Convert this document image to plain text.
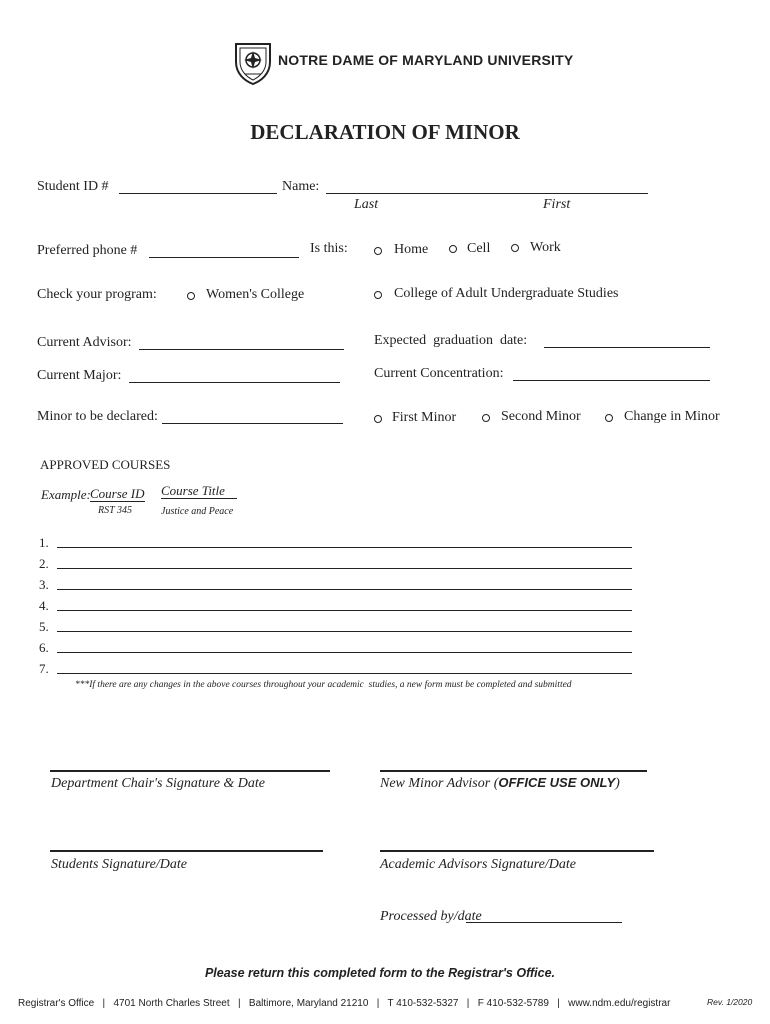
NOTRE DAME OF MARYLAND UNIVERSITY
DECLARATION OF MINOR
Student ID #	Name:
Last	First
Preferred phone #	Is this:	Home	Cell	Work
Check your program:	Women's College	College of Adult Undergraduate Studies
Current Advisor:	Expected  graduation  date:
Current Major:	Current Concentration:
Minor to be declared:	First Minor	Second Minor	Change in Minor
APPROVED COURSES
Example: Course ID Course Title
RST 345	Justice and Peace
1.
2.
3.
4.
5.
6.
7.
***If there are any changes in the above courses throughout your academic  studies, a new form must be completed and submitted
Department Chair's Signature & Date	New Minor Advisor (OFFICE USE ONLY)
Students Signature/Date	Academic Advisors Signature/Date
Processed by/date
Please return this completed form to the Registrar's Office.
Registrar's Office   |   4701 North Charles Street   |   Baltimore, Maryland 21210   |   T 410-532-5327   |   F 410-532-5789   |   www.ndm.edu/registrar	Rev. 1/2020
